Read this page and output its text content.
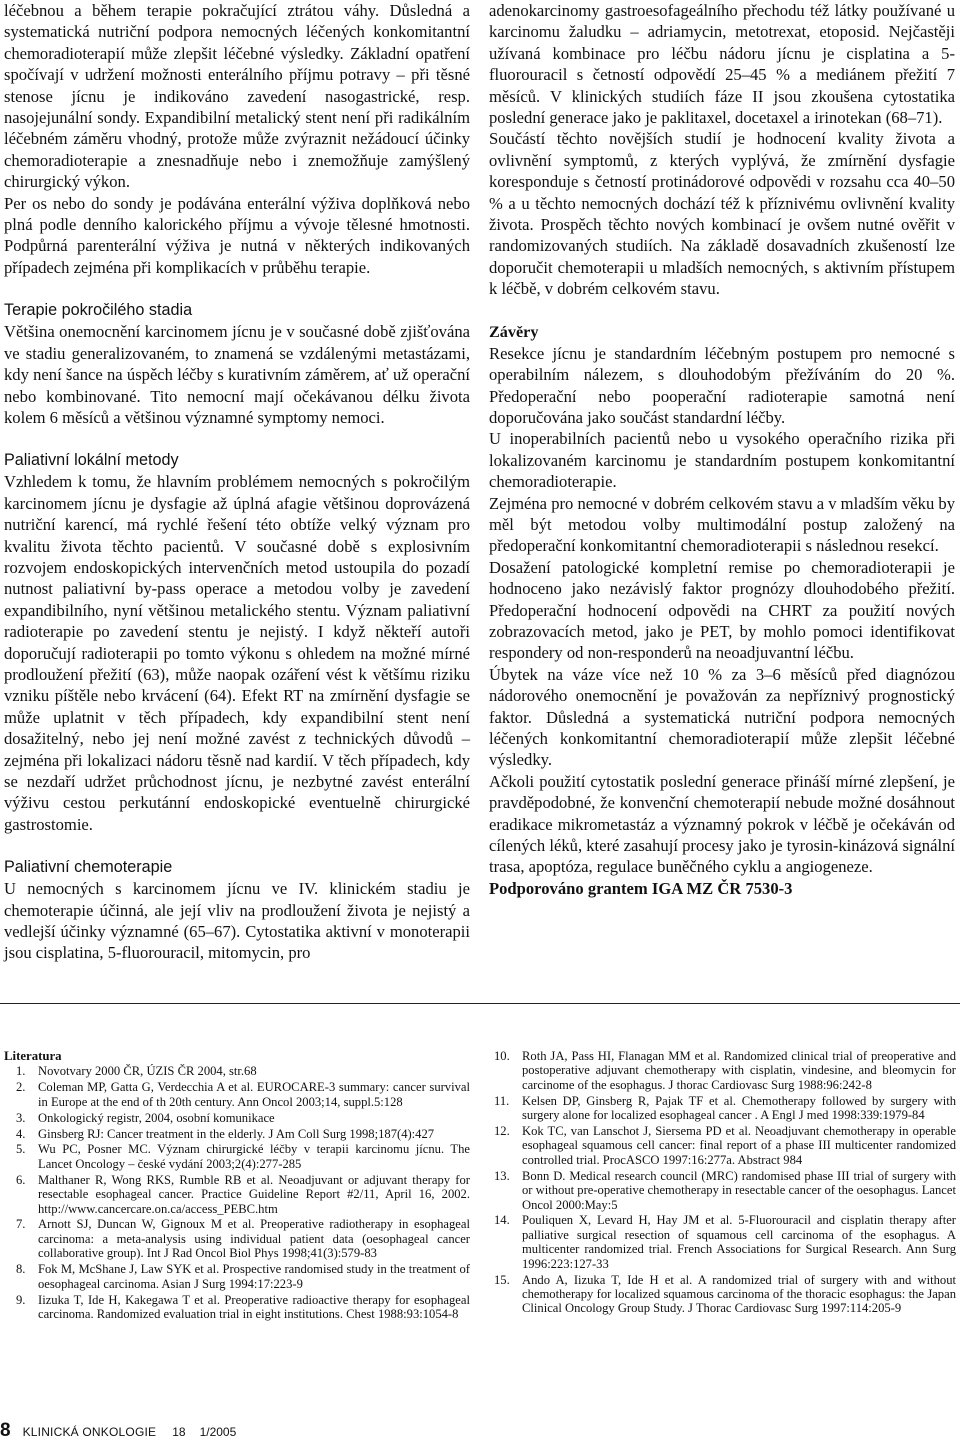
léčebnou a během terapie pokračující ztrátou váhy. Důsledná a systematická nutriční podpora nemocných léčených konkomitantní chemoradioterapií může zlepšit léčebné výsledky. Základní opatření spočívají v udržení možnosti enterálního příjmu potravy – při těsné stenose jícnu je indikováno zavedení nasogastrické, resp. nasojejunální sondy. Expandibilní metalický stent není při radikálním léčebném záměru vhodný, protože může zvýraznit nežádoucí účinky chemoradioterapie a znesnadňuje nebo i znemožňuje zamýšlený chirurgický výkon.

Per os nebo do sondy je podávána enterální výživa doplňková nebo plná podle denního kalorického příjmu a vývoje tělesné hmotnosti. Podpůrná parenterální výživa je nutná v některých indikovaných případech zejména při komplikacích v průběhu terapie.

Terapie pokročilého stadia

Většina onemocnění karcinomem jícnu je v současné době zjišťována ve stadiu generalizovaném, to znamená se vzdálenými metastázami, kdy není šance na úspěch léčby s kurativním záměrem, ať už operační nebo kombinované. Tito nemocní mají očekávanou délku života kolem 6 měsíců a většinou významné symptomy nemoci.

Paliativní lokální metody

Vzhledem k tomu, že hlavním problémem nemocných s pokročilým karcinomem jícnu je dysfagie až úplná afagie většinou doprovázená nutriční karencí, má rychlé řešení této obtíže velký význam pro kvalitu života těchto pacientů. V současné době s explosivním rozvojem endoskopických intervenčních metod ustoupila do pozadí nutnost paliativní by-pass operace a metodou volby je zavedení expandibilního, nyní většinou metalického stentu. Význam paliativní radioterapie po zavedení stentu je nejistý. I když někteří autoři doporučují radioterapii po tomto výkonu s ohledem na možné mírné prodloužení přežití (63), může naopak ozáření vést k většímu riziku vzniku píštěle nebo krvácení (64). Efekt RT na zmírnění dysfagie se může uplatnit v těch případech, kdy expandibilní stent není dosažitelný, nebo jej není možné zavést z technických důvodů – zejména při lokalizaci nádoru těsně nad kardií. V těch případech, kdy se nezdaří udržet průchodnost jícnu, je nezbytné zavést enterální výživu cestou perkutánní endoskopické eventuelně chirurgické gastrostomie.

Paliativní chemoterapie

U nemocných s karcinomem jícnu ve IV. klinickém stadiu je chemoterapie účinná, ale její vliv na prodloužení života je nejistý a vedlejší účinky významné (65–67). Cytostatika aktivní v monoterapii jsou cisplatina, 5-fluorouracil, mitomycin, pro

adenokarcinomy gastroesofageálního přechodu též látky používané u karcinomu žaludku – adriamycin, metotrexat, etoposid. Nejčastěji užívaná kombinace pro léčbu nádoru jícnu je cisplatina a 5-fluorouracil s četností odpovědí 25–45 % a mediánem přežití 7 měsíců. V klinických studiích fáze II jsou zkoušena cytostatika poslední generace jako je paklitaxel, docetaxel a irinotekan (68–71).

Součástí těchto novějších studií je hodnocení kvality života a ovlivnění symptomů, z kterých vyplývá, že zmírnění dysfagie koresponduje s četností protinádorové odpovědi v rozsahu cca 40–50 % a u těchto nemocných dochází též k příznivému ovlivnění kvality života. Prospěch těchto nových kombinací je ovšem nutné ověřit v randomizovaných studiích. Na základě dosavadních zkušeností lze doporučit chemoterapii u mladších nemocných, s aktivním přístupem k léčbě, v dobrém celkovém stavu.

Závěry

Resekce jícnu je standardním léčebným postupem pro nemocné s operabilním nálezem, s dlouhodobým přežíváním do 20 %. Předoperační nebo pooperační radioterapie samotná není doporučována jako součást standardní léčby.

U inoperabilních pacientů nebo u vysokého operačního rizika při lokalizovaném karcinomu je standardním postupem konkomitantní chemoradioterapie.

Zejména pro nemocné v dobrém celkovém stavu a v mladším věku by měl být metodou volby multimodální postup založený na předoperační konkomitantní chemoradioterapii s následnou resekcí.

Dosažení patologické kompletní remise po chemoradioterapii je hodnoceno jako nezávislý faktor prognózy dlouhodobého přežití. Předoperační hodnocení odpovědi na CHRT za použití nových zobrazovacích metod, jako je PET, by mohlo pomoci identifikovat respondery od non-responderů na neoadjuvantní léčbu.

Úbytek na váze více než 10 % za 3–6 měsíců před diagnózou nádorového onemocnění je považován za nepříznivý prognostický faktor. Důsledná a systematická nutriční podpora nemocných léčených konkomitantní chemoradioterapií může zlepšit léčebné výsledky.

Ačkoli použití cytostatik poslední generace přináší mírné zlepšení, je pravděpodobné, že konvenční chemoterapií nebude možné dosáhnout eradikace mikrometastáz a významný pokrok v léčbě je očekáván od cílených léků, které zasahují procesy jako je tyrosin-kinázová signální trasa, apoptóza, regulace buněčného cyklu a angiogeneze.

Podporováno grantem IGA MZ ČR 7530-3

Literatura
1. Novotvary 2000 ČR, ÚZIS ČR 2004, str.68
2. Coleman MP, Gatta G, Verdecchia A et al. EUROCARE-3 summary: cancer survival in Europe at the end of th 20th century. Ann Oncol 2003;14, suppl.5:128
3. Onkologický registr, 2004, osobní komunikace
4. Ginsberg RJ: Cancer treatment in the elderly. J Am Coll Surg 1998;187(4):427
5. Wu PC, Posner MC. Význam chirurgické léčby v terapii karcinomu jícnu. The Lancet Oncology – české vydání 2003;2(4):277-285
6. Malthaner R, Wong RKS, Rumble RB et al. Neoadjuvant or adjuvant therapy for resectable esophageal cancer. Practice Guideline Report #2/11, April 16, 2002. http://www.cancercare.on.ca/access_PEBC.htm
7. Arnott SJ, Duncan W, Gignoux M et al. Preoperative radiotherapy in esophageal carcinoma: a meta-analysis using individual patient data (oesophageal cancer collaborative group). Int J Rad Oncol Biol Phys 1998;41(3):579-83
8. Fok M, McShane J, Law SYK et al. Prospective randomised study in the treatment of oesophageal carcinoma. Asian J Surg 1994:17:223-9
9. Iizuka T, Ide H, Kakegawa T et al. Preoperative radioactive therapy for esophageal carcinoma. Randomized evaluation trial in eight institutions. Chest 1988:93:1054-8
10. Roth JA, Pass HI, Flanagan MM et al. Randomized clinical trial of preoperative and postoperative adjuvant chemotherapy with cisplatin, vindesine, and bleomycin for carcinome of the esophagus. J thorac Cardiovasc Surg 1988:96:242-8
11. Kelsen DP, Ginsberg R, Pajak TF et al. Chemotherapy followed by surgery with surgery alone for localized esophageal cancer . A Engl J med 1998:339:1979-84
12. Kok TC, van Lanschot J, Siersema PD et al. Neoadjuvant chemotherapy in operable esophageal squamous cell cancer: final report of a phase III multicenter randomized controlled trial. ProcASCO 1997:16:277a. Abstract 984
13. Bonn D. Medical research council (MRC) randomised phase III trial of surgery with or without pre-operative chemotherapy in resectable cancer of the oesophagus. Lancet Oncol 2000:May:5
14. Pouliquen X, Levard H, Hay JM et al. 5-Fluorouracil and cisplatin therapy after palliative surgical resection of squamous cell carcinoma of the esophagus. A multicenter randomized trial. French Associations for Surgical Research. Ann Surg 1996:223:127-33
15. Ando A, Iizuka T, Ide H et al. A randomized trial of surgery with and without chemotherapy for localized squamous carcinoma of the thoracic esophagus: the Japan Clinical Oncology Group Study. J Thorac Cardiovasc Surg 1997:114:205-9
8 KLINICKÁ ONKOLOGIE 18 1/2005
